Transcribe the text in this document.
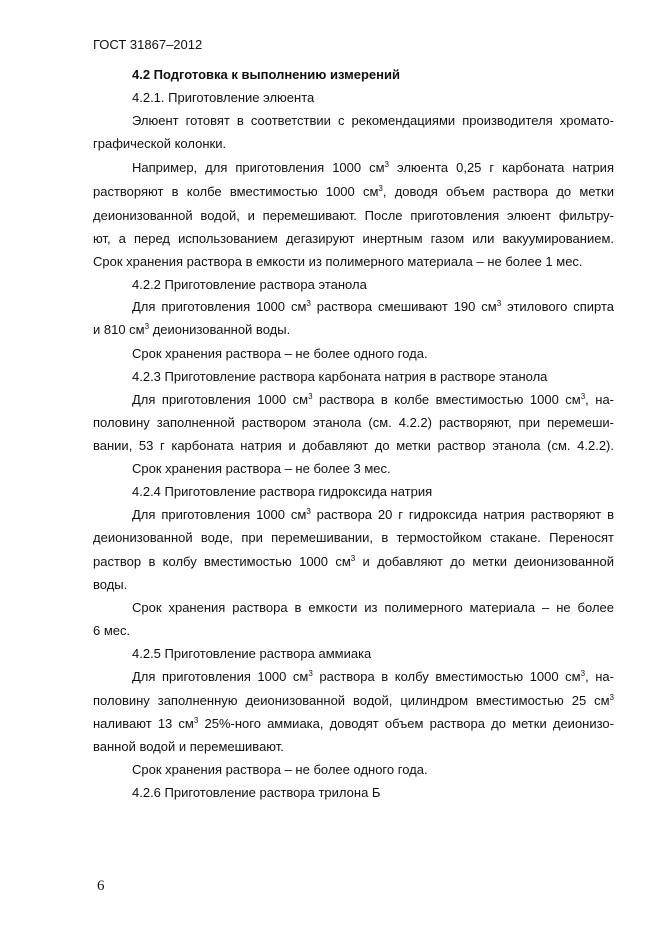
ГОСТ 31867–2012
4.2 Подготовка к выполнению измерений
4.2.1. Приготовление элюента
Элюент готовят в соответствии с рекомендациями производителя хромато-
графической колонки.
Например, для приготовления 1000 $см^3$ элюента 0,25 г карбоната натрия
растворяют в колбе вместимостью 1000 $см^3$, доводя объем раствора до метки
деионизованной водой, и перемешивают. После приготовления элюент фильтру-
ют, а перед использованием дегазируют инертным газом или вакуумированием.
Срок хранения раствора в емкости из полимерного материала – не более 1 мес.
4.2.2 Приготовление раствора этанола
Для приготовления 1000 $см^3$ раствора смешивают 190 $см^3$ этилового спирта
и 810 $см^3$ деионизованной воды.
Срок хранения раствора – не более одного года.
4.2.3 Приготовление раствора карбоната натрия в растворе этанола
Для приготовления 1000 $см^3$ раствора в колбе вместимостью 1000 $см^3$, на-
половину заполненной раствором этанола (см. 4.2.2) растворяют, при перемеши-
вании, 53 г карбоната натрия и добавляют до метки раствор этанола (см. 4.2.2).
Срок хранения раствора – не более 3 мес.
4.2.4 Приготовление раствора гидроксида натрия
Для приготовления 1000 $см^3$ раствора 20 г гидроксида натрия растворяют в
деионизованной воде, при перемешивании, в термостойком стакане. Переносят
раствор в колбу вместимостью 1000 $см^3$ и добавляют до метки деионизованной
воды.
Срок хранения раствора в емкости из полимерного материала – не более
6 мес.
4.2.5 Приготовление раствора аммиака
Для приготовления 1000 $см^3$ раствора в колбу вместимостью 1000 $см^3$, на-
половину заполненную деионизованной водой, цилиндром вместимостью 25 $см^3$
наливают 13 $см^3$ 25%-ного аммиака, доводят объем раствора до метки деионизо-
ванной водой и перемешивают.
Срок хранения раствора – не более одного года.
4.2.6 Приготовление раствора трилона Б
6
